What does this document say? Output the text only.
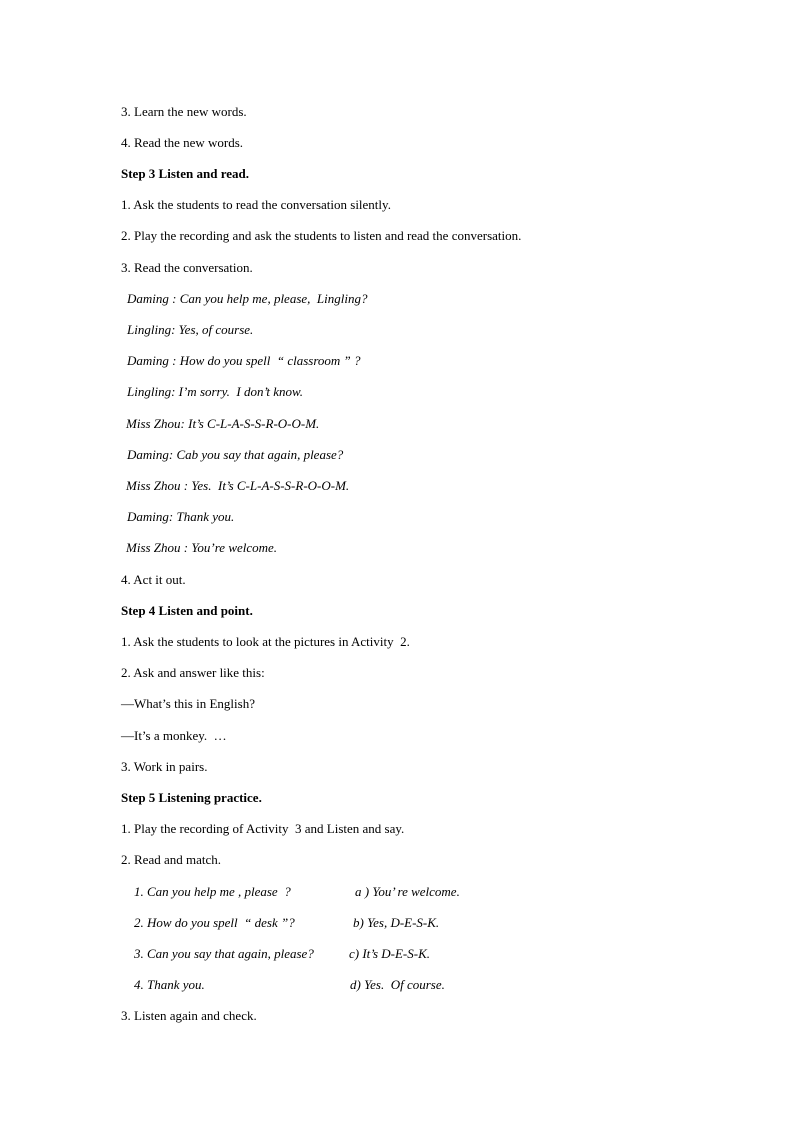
3. Learn the new words.
4. Read the new words.
Step 3 Listen and read.
1. Ask the students to read the conversation silently.
2. Play the recording and ask the students to listen and read the conversation.
3. Read the conversation.
Daming : Can you help me, please,  Lingling?
Lingling: Yes, of course.
Daming : How do you spell  “ classroom ” ?
Lingling: I’m sorry.  I don’t know.
Miss Zhou: It’s C-L-A-S-S-R-O-O-M.
Daming: Cab you say that again, please?
Miss Zhou : Yes.  It’s C-L-A-S-S-R-O-O-M.
Daming: Thank you.
Miss Zhou : You’re welcome.
4. Act it out.
Step 4 Listen and point.
1. Ask the students to look at the pictures in Activity  2.
2. Ask and answer like this:
—What’s this in English?
—It’s a monkey.  …
3. Work in pairs.
Step 5 Listening practice.
1. Play the recording of Activity  3 and Listen and say.
2. Read and match.
1. Can you help me , please  ?	a ) You’ re welcome.
2. How do you spell  “ desk ”?	b) Yes, D-E-S-K.
3. Can you say that again, please?	c) It’s D-E-S-K.
4. Thank you.	d) Yes.  Of course.
3. Listen again and check.
